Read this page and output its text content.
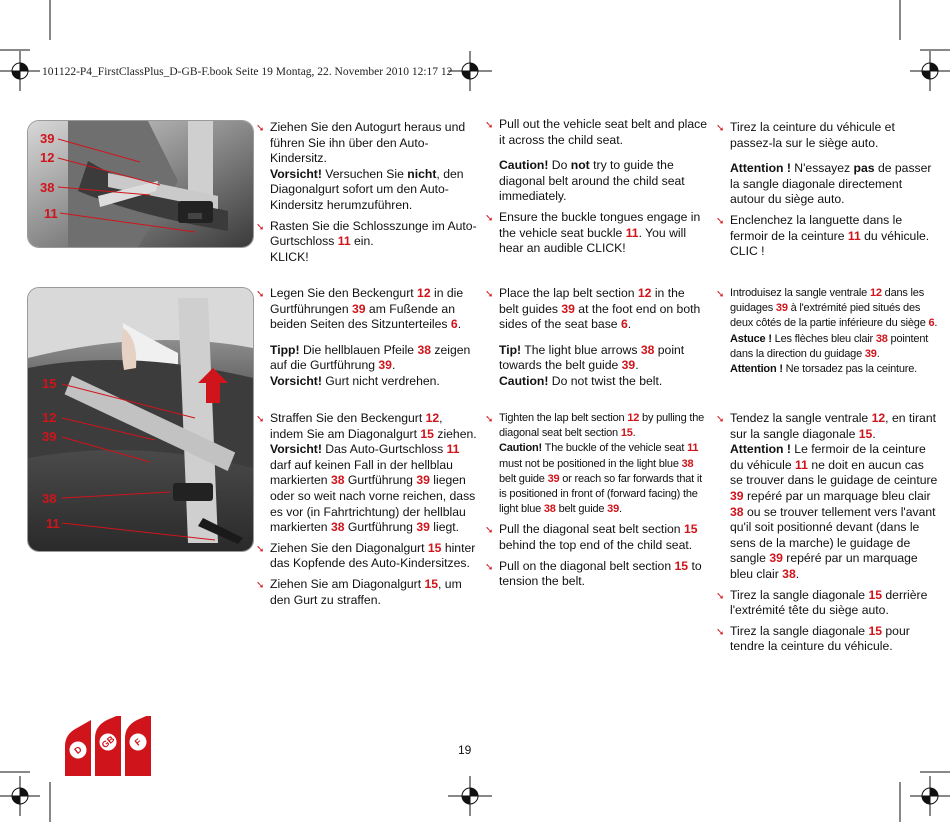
101122-P4_FirstClassPlus_D-GB-F.book Seite 19 Montag, 22. November 2010 12:17 12
39
12
38
11
15
12
39
38
11
➘ Ziehen Sie den Autogurt heraus und führen Sie ihn über den Auto-Kindersitz.
Vorsicht! Versuchen Sie nicht, den Diagonalgurt sofort um den Auto-Kindersitz herumzuführen.

➘ Rasten Sie die Schlosszunge im Auto-Gurtschloss 11 ein.
KLICK!

➘ Pull out the vehicle seat belt and place it across the child seat.

Caution! Do not try to guide the diagonal belt around the child seat immediately.

➘ Ensure the buckle tongues engage in the vehicle seat buckle 11. You will hear an audible CLICK!

➘ Tirez la ceinture du véhicule et passez-la sur le siège auto.

Attention ! N'essayez pas de passer la sangle diagonale directement autour du siège auto.

➘ Enclenchez la languette dans le fermoir de la ceinture 11 du véhicule.
CLIC !

➘ Legen Sie den Beckengurt 12 in die Gurtführungen 39 am Fußende an beiden Seiten des Sitzunterteiles 6.

Tipp! Die hellblauen Pfeile 38 zeigen auf die Gurtführung 39.
Vorsicht! Gurt nicht verdrehen.

➘ Place the lap belt section 12 in the belt guides 39 at the foot end on both sides of the seat base 6.

Tip! The light blue arrows 38 point towards the belt guide 39.
Caution! Do not twist the belt.

➘ Introduisez la sangle ventrale 12 dans les guidages 39 à l'extrémité pied situés des deux côtés de la partie inférieure du siège 6.
Astuce ! Les flèches bleu clair 38 pointent dans la direction du guidage 39.
Attention ! Ne torsadez pas la ceinture.

➘ Straffen Sie den Beckengurt 12, indem Sie am Diagonalgurt 15 ziehen.
Vorsicht! Das Auto-Gurtschloss 11 darf auf keinen Fall in der hellblau markierten 38 Gurtführung 39 liegen oder so weit nach vorne reichen, dass es vor (in Fahrtrichtung) der hellblau markierten 38 Gurtführung 39 liegt.

➘ Ziehen Sie den Diagonalgurt 15 hinter das Kopfende des Auto-Kindersitzes.

➘ Ziehen Sie am Diagonalgurt 15, um den Gurt zu straffen.

➘ Tighten the lap belt section 12 by pulling the diagonal seat belt section 15.
Caution! The buckle of the vehicle seat 11 must not be positioned in the light blue 38 belt guide 39 or reach so far forwards that it is positioned in front of (forward facing) the light blue 38 belt guide 39.

➘ Pull the diagonal seat belt section 15 behind the top end of the child seat.

➘ Pull on the diagonal belt section 15 to tension the belt.

➘ Tendez la sangle ventrale 12, en tirant sur la sangle diagonale 15.
Attention ! Le fermoir de la ceinture du véhicule 11 ne doit en aucun cas se trouver dans le guidage de ceinture 39 repéré par un marquage bleu clair 38 ou se trouver tellement vers l'avant qu'il soit positionné devant (dans le sens de la marche) le guidage de sangle 39 repéré par un marquage bleu clair 38.

➘ Tirez la sangle diagonale 15 derrière l'extrémité tête du siège auto.

➘ Tirez la sangle diagonale 15 pour tendre la ceinture du véhicule.

D GB F
19
